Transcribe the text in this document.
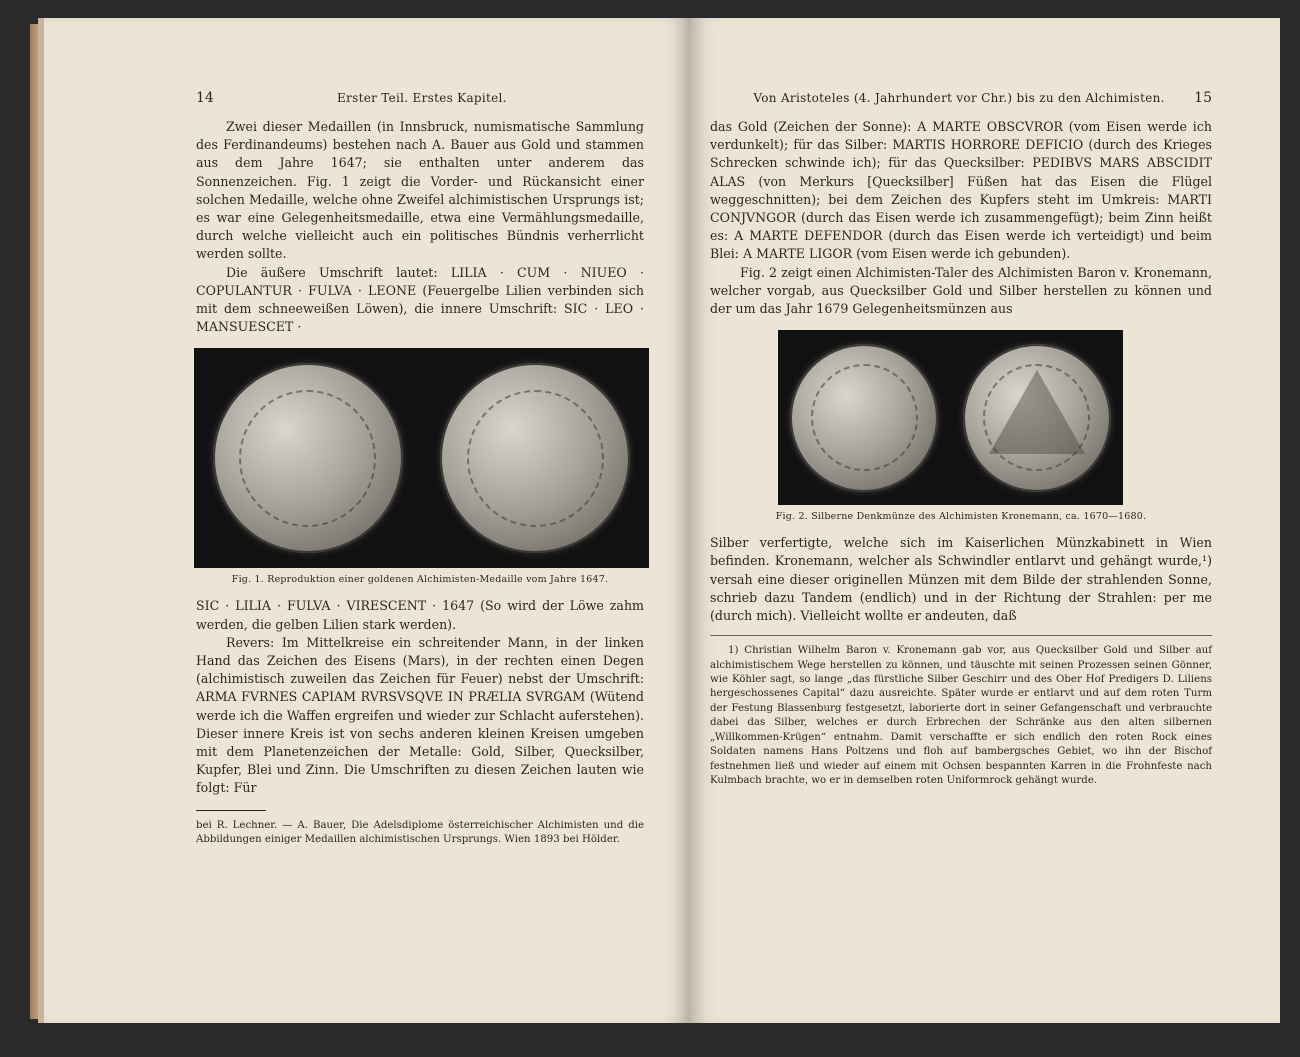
14	Erster Teil. Erstes Kapitel.

Zwei dieser Medaillen (in Innsbruck, numismatische Sammlung des Ferdinandeums) bestehen nach A. Bauer aus Gold und stammen aus dem Jahre 1647; sie enthalten unter anderem das Sonnenzeichen. Fig. 1 zeigt die Vorder- und Rückansicht einer solchen Medaille, welche ohne Zweifel alchimistischen Ursprungs ist; es war eine Gelegenheitsmedaille, etwa eine Vermählungsmedaille, durch welche vielleicht auch ein politisches Bündnis verherrlicht werden sollte.

Die äußere Umschrift lautet: LILIA · CUM · NIUEO · COPULANTUR · FULVA · LEONE (Feuergelbe Lilien verbinden sich mit dem schneeweißen Löwen), die innere Umschrift: SIC · LEO · MANSUESCET ·

Fig. 1. Reproduktion einer goldenen Alchimisten-Medaille vom Jahre 1647.

SIC · LILIA · FULVA · VIRESCENT · 1647 (So wird der Löwe zahm werden, die gelben Lilien stark werden).

Revers: Im Mittelkreise ein schreitender Mann, in der linken Hand das Zeichen des Eisens (Mars), in der rechten einen Degen (alchimistisch zuweilen das Zeichen für Feuer) nebst der Umschrift: ARMA FVRNES CAPIAM RVRSVSQVE IN PRÆLIA SVRGAM (Wütend werde ich die Waffen ergreifen und wieder zur Schlacht auferstehen). Dieser innere Kreis ist von sechs anderen kleinen Kreisen umgeben mit dem Planetenzeichen der Metalle: Gold, Silber, Quecksilber, Kupfer, Blei und Zinn. Die Umschriften zu diesen Zeichen lauten wie folgt: Für

bei R. Lechner. — A. Bauer, Die Adelsdiplome österreichischer Alchimisten und die Abbildungen einiger Medaillen alchimistischen Ursprungs. Wien 1893 bei Hölder.

Von Aristoteles (4. Jahrhundert vor Chr.) bis zu den Alchimisten.	15

das Gold (Zeichen der Sonne): A MARTE OBSCVROR (vom Eisen werde ich verdunkelt); für das Silber: MARTIS HORRORE DEFICIO (durch des Krieges Schrecken schwinde ich); für das Quecksilber: PEDIBVS MARS ABSCIDIT ALAS (von Merkurs [Quecksilber] Füßen hat das Eisen die Flügel weggeschnitten); bei dem Zeichen des Kupfers steht im Umkreis: MARTI CONJVNGOR (durch das Eisen werde ich zusammengefügt); beim Zinn heißt es: A MARTE DEFENDOR (durch das Eisen werde ich verteidigt) und beim Blei: A MARTE LIGOR (vom Eisen werde ich gebunden).

Fig. 2 zeigt einen Alchimisten-Taler des Alchimisten Baron v. Kronemann, welcher vorgab, aus Quecksilber Gold und Silber herstellen zu können und der um das Jahr 1679 Gelegenheitsmünzen aus

Fig. 2. Silberne Denkmünze des Alchimisten Kronemann, ca. 1670—1680.

Silber verfertigte, welche sich im Kaiserlichen Münzkabinett in Wien befinden. Kronemann, welcher als Schwindler entlarvt und gehängt wurde,¹) versah eine dieser originellen Münzen mit dem Bilde der strahlenden Sonne, schrieb dazu Tandem (endlich) und in der Richtung der Strahlen: per me (durch mich). Vielleicht wollte er andeuten, daß

1) Christian Wilhelm Baron v. Kronemann gab vor, aus Quecksilber Gold und Silber auf alchimistischem Wege herstellen zu können, und täuschte mit seinen Prozessen seinen Gönner, wie Köhler sagt, so lange „das fürstliche Silber Geschirr und des Ober Hof Predigers D. Liliens hergeschossenes Capital“ dazu ausreichte. Später wurde er entlarvt und auf dem roten Turm der Festung Blassenburg festgesetzt, laborierte dort in seiner Gefangenschaft und verbrauchte dabei das Silber, welches er durch Erbrechen der Schränke aus den alten silbernen „Willkommen-Krügen“ entnahm. Damit verschaffte er sich endlich den roten Rock eines Soldaten namens Hans Poltzens und floh auf bambergsches Gebiet, wo ihn der Bischof festnehmen ließ und wieder auf einem mit Ochsen bespannten Karren in die Frohnfeste nach Kulmbach brachte, wo er in demselben roten Uniformrock gehängt wurde.
